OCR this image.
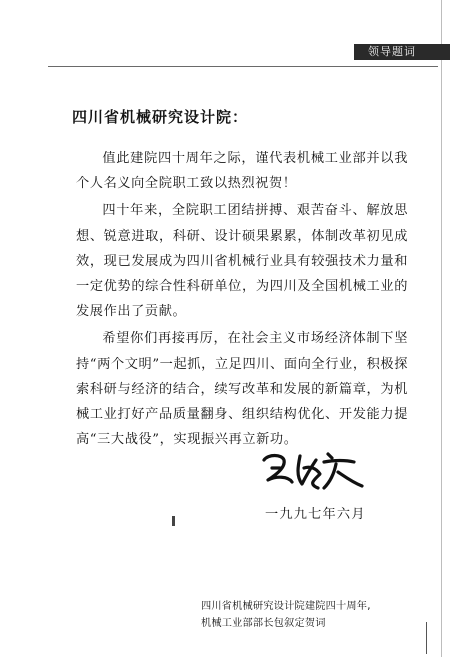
领导题词
四川省机械研究设计院：

值此建院四十周年之际，谨代表机械工业部并以我个人名义向全院职工致以热烈祝贺！

四十年来，全院职工团结拼搏、艰苦奋斗、解放思想、锐意进取，科研、设计硕果累累，体制改革初见成效，现已发展成为四川省机械行业具有较强技术力量和一定优势的综合性科研单位，为四川及全国机械工业的发展作出了贡献。

希望你们再接再厉，在社会主义市场经济体制下坚持“两个文明”一起抓，立足四川、面向全行业，积极探索科研与经济的结合，续写改革和发展的新篇章，为机械工业打好产品质量翻身、组织结构优化、开发能力提高“三大战役”，实现振兴再立新功。

一九九七年六月
四川省机械研究设计院建院四十周年,
机械工业部部长包叙定贺词
